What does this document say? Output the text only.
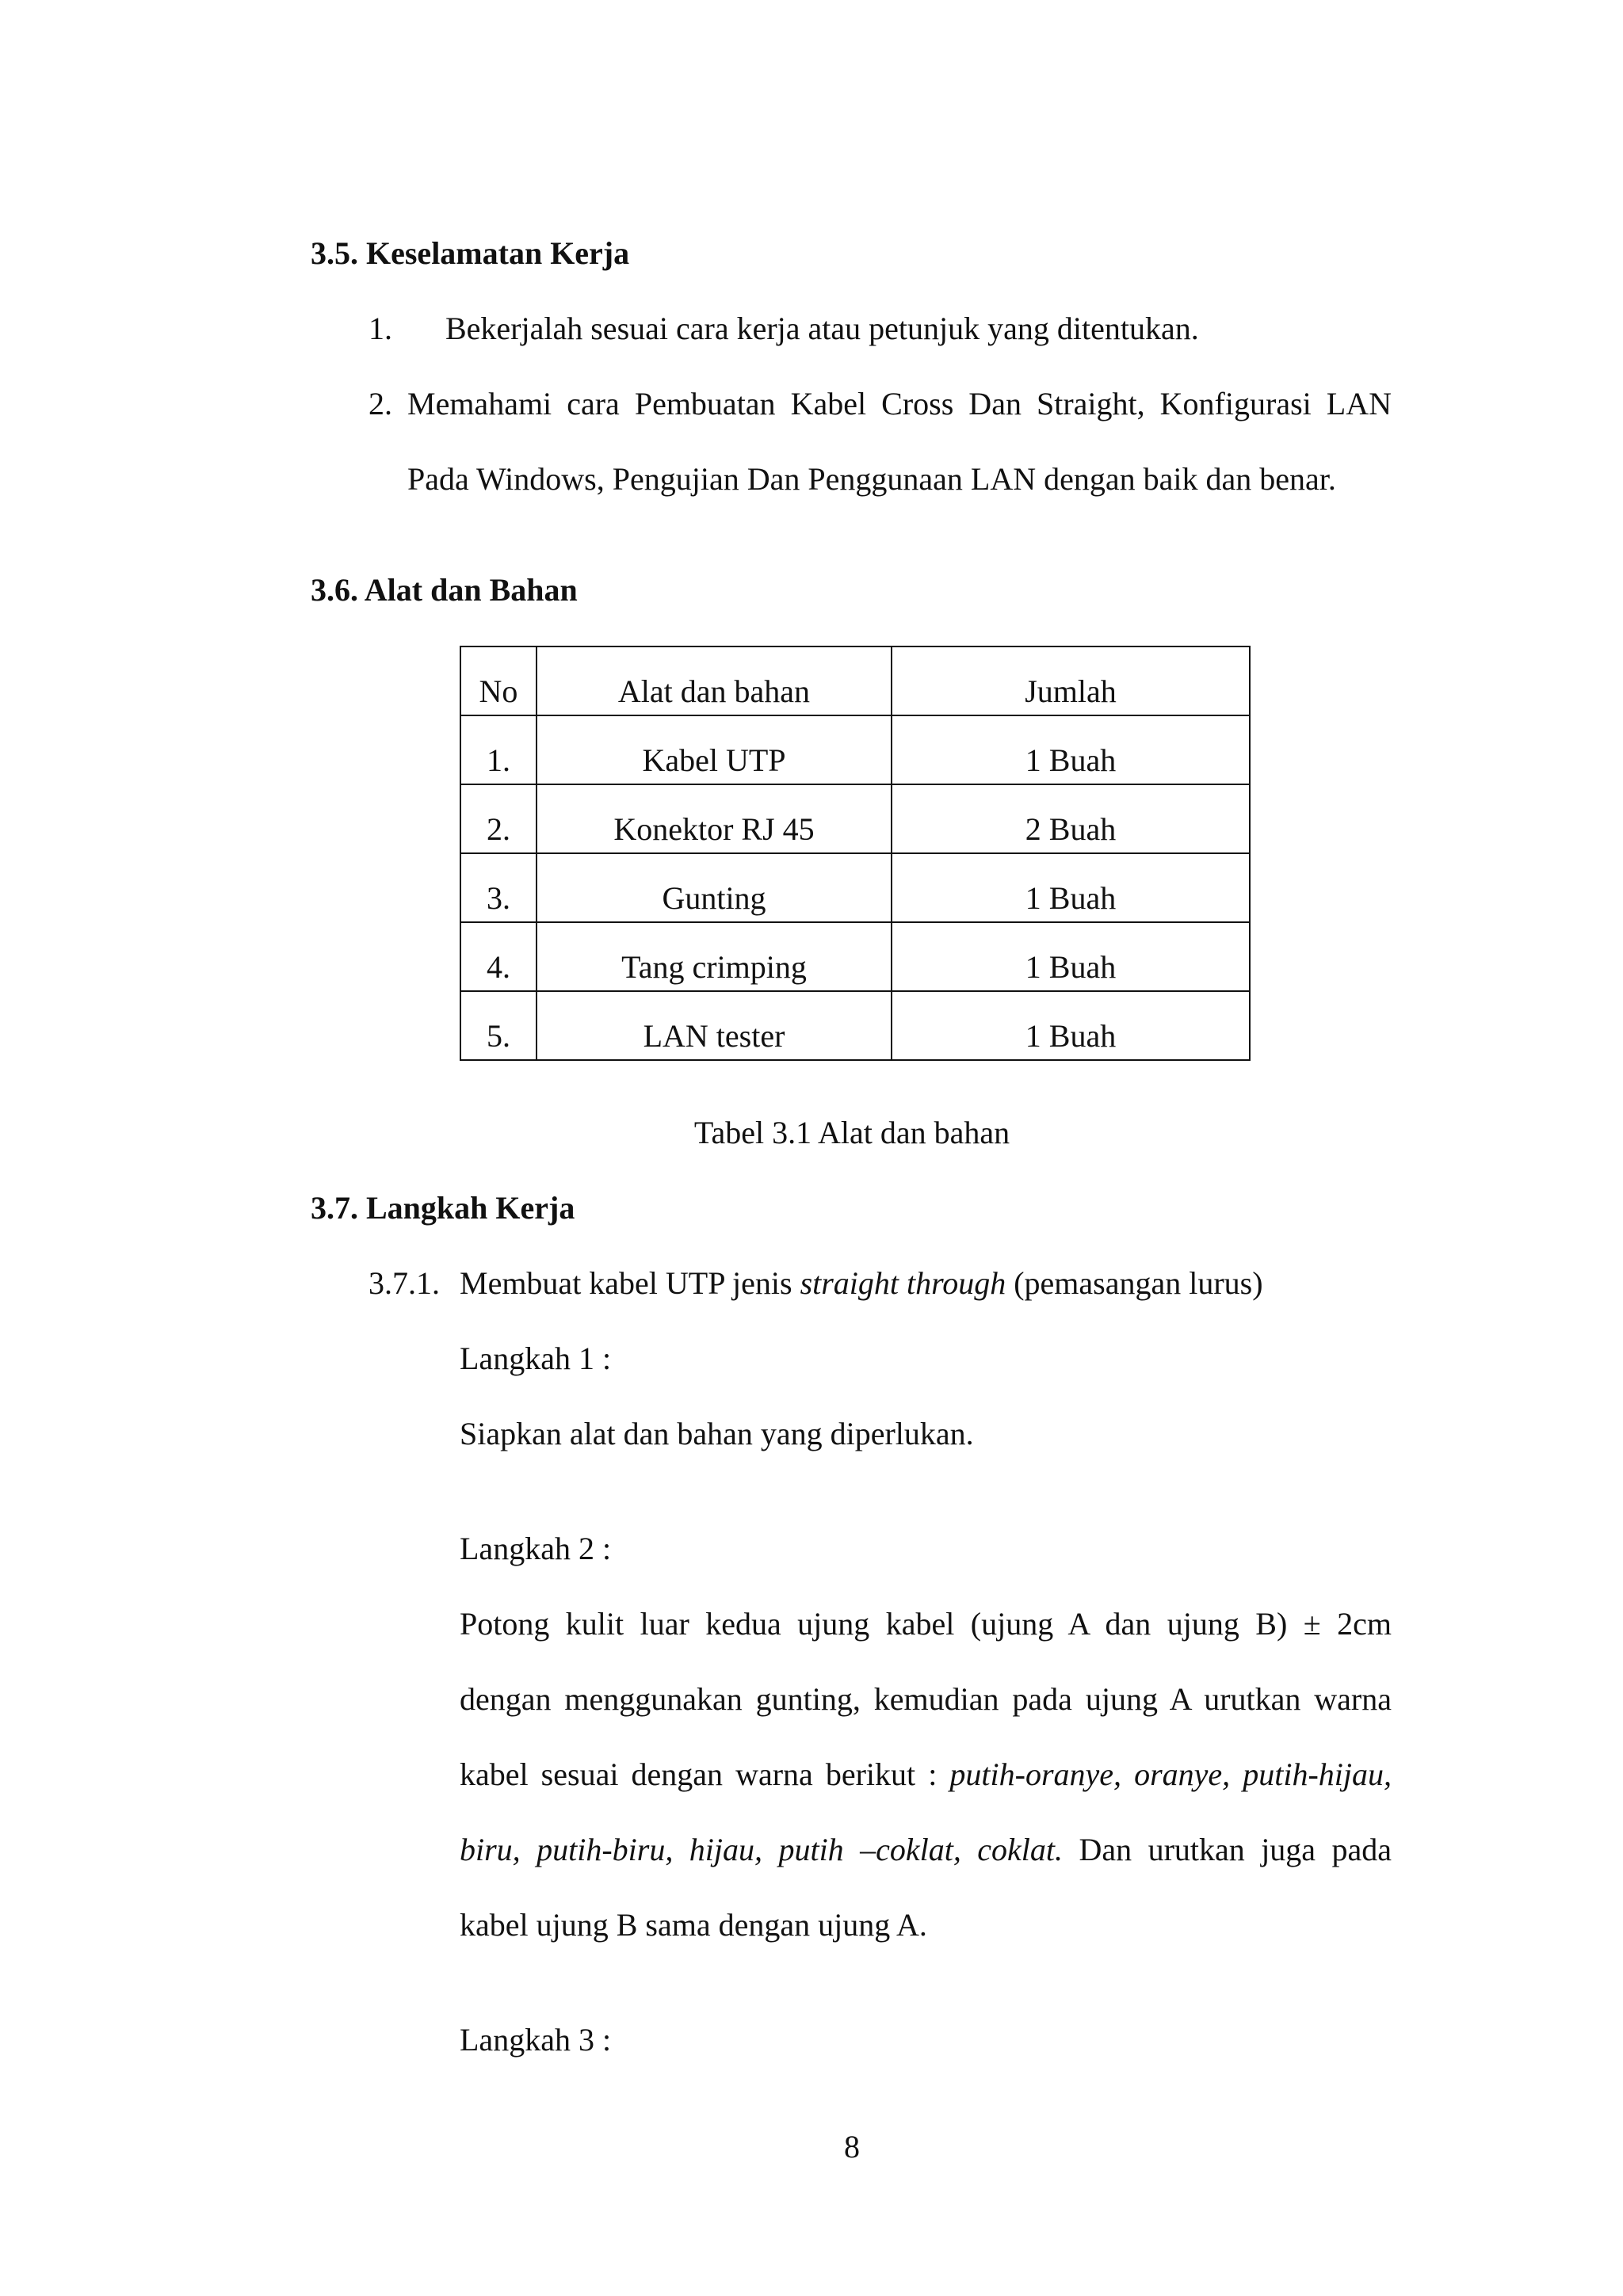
3.5. Keselamatan Kerja
1. Bekerjalah sesuai cara kerja atau petunjuk yang ditentukan.
2. Memahami cara Pembuatan Kabel Cross Dan Straight, Konfigurasi LAN
Pada Windows, Pengujian Dan Penggunaan LAN dengan baik dan benar.
3.6. Alat dan Bahan
No	Alat dan bahan	Jumlah
1.	Kabel UTP	1 Buah
2.	Konektor RJ 45	2 Buah
3.	Gunting	1 Buah
4.	Tang crimping	1 Buah
5.	LAN tester	1 Buah
Tabel 3.1 Alat dan bahan
3.7. Langkah Kerja
3.7.1. Membuat kabel UTP jenis straight through (pemasangan lurus)
Langkah 1 :
Siapkan alat dan bahan yang diperlukan.
Langkah 2 :
Potong kulit luar kedua ujung kabel (ujung A dan ujung B) ± 2cm
dengan menggunakan gunting, kemudian pada ujung A urutkan warna
kabel sesuai dengan warna berikut : putih-oranye, oranye, putih-hijau,
biru, putih-biru, hijau, putih –coklat, coklat. Dan urutkan juga pada
kabel ujung B sama dengan ujung A.
Langkah 3 :
8
